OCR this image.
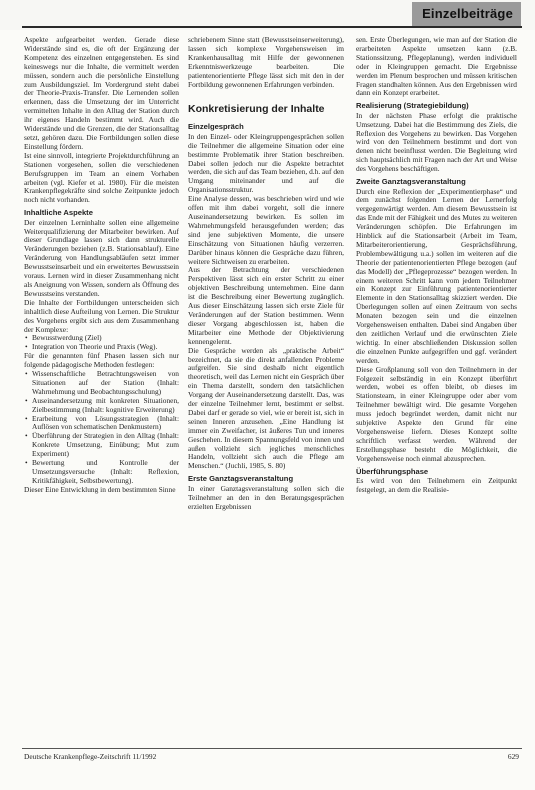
Einzelbeiträge

Aspekte aufgearbeitet werden. Gerade diese Widerstände sind es, die oft der Ergänzung der Kompetenz des einzelnen entgegenstehen. Es sind keineswegs nur die Inhalte, die vermittelt werden müssen, sondern auch die persönliche Einstellung zum Ausbildungsziel. Im Vordergrund steht dabei der Theorie-Praxis-Transfer. Die Lernenden sollen erkennen, dass die Umsetzung der im Unterricht vermittelten Inhalte in den Alltag der Station durch ihr eigenes Handeln bestimmt wird. Auch die Widerstände und die Grenzen, die der Stationsalltag setzt, gehören dazu. Die Fortbildungen sollen diese Einstellung fördern.

Ist eine sinnvoll, integrierte Projektdurchführung an Stationen vorgesehen, sollen die verschiedenen Berufsgruppen im Team an einem Vorhaben arbeiten (vgl. Kiefer et al. 1980). Für die meisten Krankenpflegekräfte sind solche Zeitpunkte jedoch noch nicht vorhanden.

Inhaltliche Aspekte

Der einzelnen Lerninhalte sollen eine allgemeine Weiterqualifizierung der Mitarbeiter bewirken. Auf dieser Grundlage lassen sich dann strukturelle Veränderungen beziehen (z.B. Stationsablauf). Eine Veränderung von Handlungsabläufen setzt immer Bewusstseinsarbeit und ein erweitertes Bewusstsein voraus. Lernen wird in dieser Zusammenhang nicht als Aneignung von Wissen, sondern als Öffnung des Bewusstseins verstanden.

Die Inhalte der Fortbildungen unterscheiden sich inhaltlich diese Aufteilung von Lernen. Die Struktur des Vorgehens ergibt sich aus dem Zusammenhang der Komplexe:

• Bewusstwerdung (Ziel)
• Integration von Theorie und Praxis (Weg).

Für die genannten fünf Phasen lassen sich nur folgende pädagogische Methoden festlegen:

• Wissenschaftliche Betrachtungsweisen von Situationen auf der Station (Inhalt: Wahrnehmung und Beobachtungsschulung)
• Auseinandersetzung mit konkreten Situationen, Zielbestimmung (Inhalt: kognitive Erweiterung)
• Erarbeitung von Lösungsstrategien (Inhalt: Auflösen von schematischen Denkmustern)
• Überführung der Strategien in den Alltag (Inhalt: Konkrete Umsetzung, Einübung; Mut zum Experiment)
• Bewertung und Kontrolle der Umsetzungsversuche (Inhalt: Reflexion, Kritikfähigkeit, Selbstbewertung).

Dieser Eine Entwicklung in dem bestimmten Sinne

schriebenem Sinne statt (Bewusstseinserweiterung), lassen sich komplexe Vorgehensweisen im Krankenhausalltag mit Hilfe der gewonnenen Erkenntniswerkzeuge bearbeiten. Die patientenorientierte Pflege lässt sich mit den in der Fortbildung gewonnenen Erfahrungen verbinden.

Konkretisierung der Inhalte
Einzelgespräch

In den Einzel- oder Kleingruppengesprächen sollen die Teilnehmer die allgemeine Situation oder eine bestimmte Problematik ihrer Station beschreiben. Dabei sollen jedoch nur die Aspekte betrachtet werden, die sich auf das Team beziehen, d.h. auf den Umgang miteinander und auf die Organisationsstruktur.

Eine Analyse dessen, was beschrieben wird und wie offen mit ihm dabei vorgeht, soll die innere Auseinandersetzung bewirken. Es sollen im Wahrnehmungsfeld herausgefunden werden; das sind jene subjektiven Momente, die unsere Einschätzung von Situationen häufig verzerren. Darüber hinaus können die Gespräche dazu führen, weitere Sichtweisen zu erarbeiten.

Aus der Betrachtung der verschiedenen Perspektiven lässt sich ein erster Schritt zu einer objektiven Beschreibung unternehmen. Eine dann ist die Beschreibung einer Bewertung zugänglich. Aus dieser Einschätzung lassen sich erste Ziele für Veränderungen auf der Station bestimmen. Wenn dieser Vorgang abgeschlossen ist, haben die Mitarbeiter eine Methode der Objektivierung kennengelernt.

Die Gespräche werden als „praktische Arbeit“ bezeichnet, da sie die direkt anfallenden Probleme aufgreifen. Sie sind deshalb nicht eigentlich theoretisch, weil das Lernen nicht ein Gespräch über ein Thema darstellt, sondern den tatsächlichen Vorgang der Auseinandersetzung darstellt. Das, was der einzelne Teilnehmer lernt, bestimmt er selbst. Dabei darf er gerade so viel, wie er bereit ist, sich in seinen Inneren anzusehen. „Eine Handlung ist immer ein Zweifacher, ist äußeres Tun und inneres Geschehen. In diesem Spannungsfeld von innen und außen vollzieht sich jegliches menschliches Handeln, vollzieht sich auch die Pflege am Menschen.“ (Juchli, 1985, S. 80)

Erste Ganztagsveranstaltung

In einer Ganztagsveranstaltung sollen sich die Teilnehmer an den in den Beratungsgesprächen erzielten Ergebnissen

sen. Erste Überlegungen, wie man auf der Station die erarbeiteten Aspekte umsetzen kann (z.B. Stationssitzung, Pflegeplanung), werden individuell oder in Kleingruppen gemacht. Die Ergebnisse werden im Plenum besprochen und müssen kritischen Fragen standhalten können. Aus den Ergebnissen wird dann ein Konzept erarbeitet.

Realisierung (Strategiebildung)

In der nächsten Phase erfolgt die praktische Umsetzung. Dabei hat die Bestimmung des Ziels, die Reflexion des Vorgehens zu bewirken. Das Vorgehen wird von den Teilnehmern bestimmt und dort von denen nicht beeinflusst werden. Die Begleitung wird sich hauptsächlich mit Fragen nach der Art und Weise des Vorgehens beschäftigen.

Zweite Ganztagsveranstaltung

Durch eine Reflexion der „Experimentierphase“ und dem zunächst folgenden Lernen der Lernerfolg vergegenwärtigt werden. Am diesem Bewusstsein ist das Ende mit der Fähigkeit und des Mutes zu weiteren Veränderungen schöpfen. Die Erfahrungen im Hinblick auf die Stationsarbeit (Arbeit im Team, Mitarbeiterorientierung, Gesprächsführung, Problembewältigung u.a.) sollen im weiteren auf die Theorie der patientenorientierten Pflege bezogen (auf das Modell) der „Pflegeprozesse“ bezogen werden. In einem weiteren Schritt kann vom jedem Teilnehmer ein Konzept zur Einführung patientenorientierter Elemente in den Stationsalltag skizziert werden. Die Überlegungen sollen auf einen Zeitraum von sechs Monaten bezogen sein und die einzelnen Vorgehensweisen enthalten. Dabei sind Angaben über den zeitlichen Verlauf und die erwünschten Ziele wichtig. In einer abschließenden Diskussion sollen die einzelnen Punkte aufgegriffen und ggf. verändert werden.

Diese Großplanung soll von den Teilnehmern in der Folgezeit selbständig in ein Konzept überführt werden, wobei es offen bleibt, ob dieses im Stationsteam, in einer Kleingruppe oder aber vom Teilnehmer bewältigt wird. Die gesamte Vorgehen muss jedoch begründet werden, damit nicht nur subjektive Aspekte den Grund für eine Vorgehensweise liefern. Dieses Konzept sollte schriftlich verfasst werden. Während der Erstellungsphase besteht die Möglichkeit, die Vorgehensweise noch einmal abzusprechen.

Überführungsphase

Es wird von den Teilnehmern ein Zeitpunkt festgelegt, an dem die Realisie-

Deutsche Krankenpflege-Zeitschrift 11/1992	629
